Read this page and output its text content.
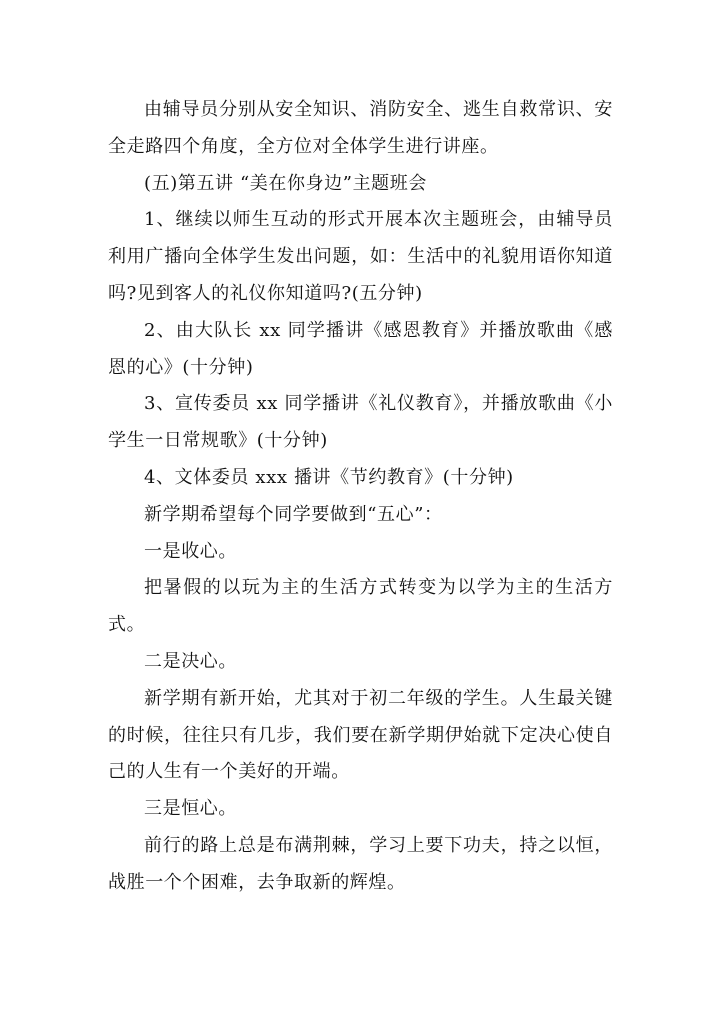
由辅导员分别从安全知识、消防安全、逃生自救常识、安全走路四个角度，全方位对全体学生进行讲座。

(五)第五讲 “美在你身边”主题班会

1、继续以师生互动的形式开展本次主题班会，由辅导员利用广播向全体学生发出问题，如：生活中的礼貌用语你知道吗?见到客人的礼仪你知道吗?(五分钟)

2、由大队长 xx 同学播讲《感恩教育》并播放歌曲《感恩的心》(十分钟)

3、宣传委员 xx 同学播讲《礼仪教育》，并播放歌曲《小学生一日常规歌》(十分钟)

4、文体委员 xxx 播讲《节约教育》(十分钟)

新学期希望每个同学要做到“五心”：

一是收心。

把暑假的以玩为主的生活方式转变为以学为主的生活方式。

二是决心。

新学期有新开始，尤其对于初二年级的学生。人生最关键的时候，往往只有几步，我们要在新学期伊始就下定决心使自己的人生有一个美好的开端。

三是恒心。

前行的路上总是布满荆棘，学习上要下功夫，持之以恒，战胜一个个困难，去争取新的辉煌。
